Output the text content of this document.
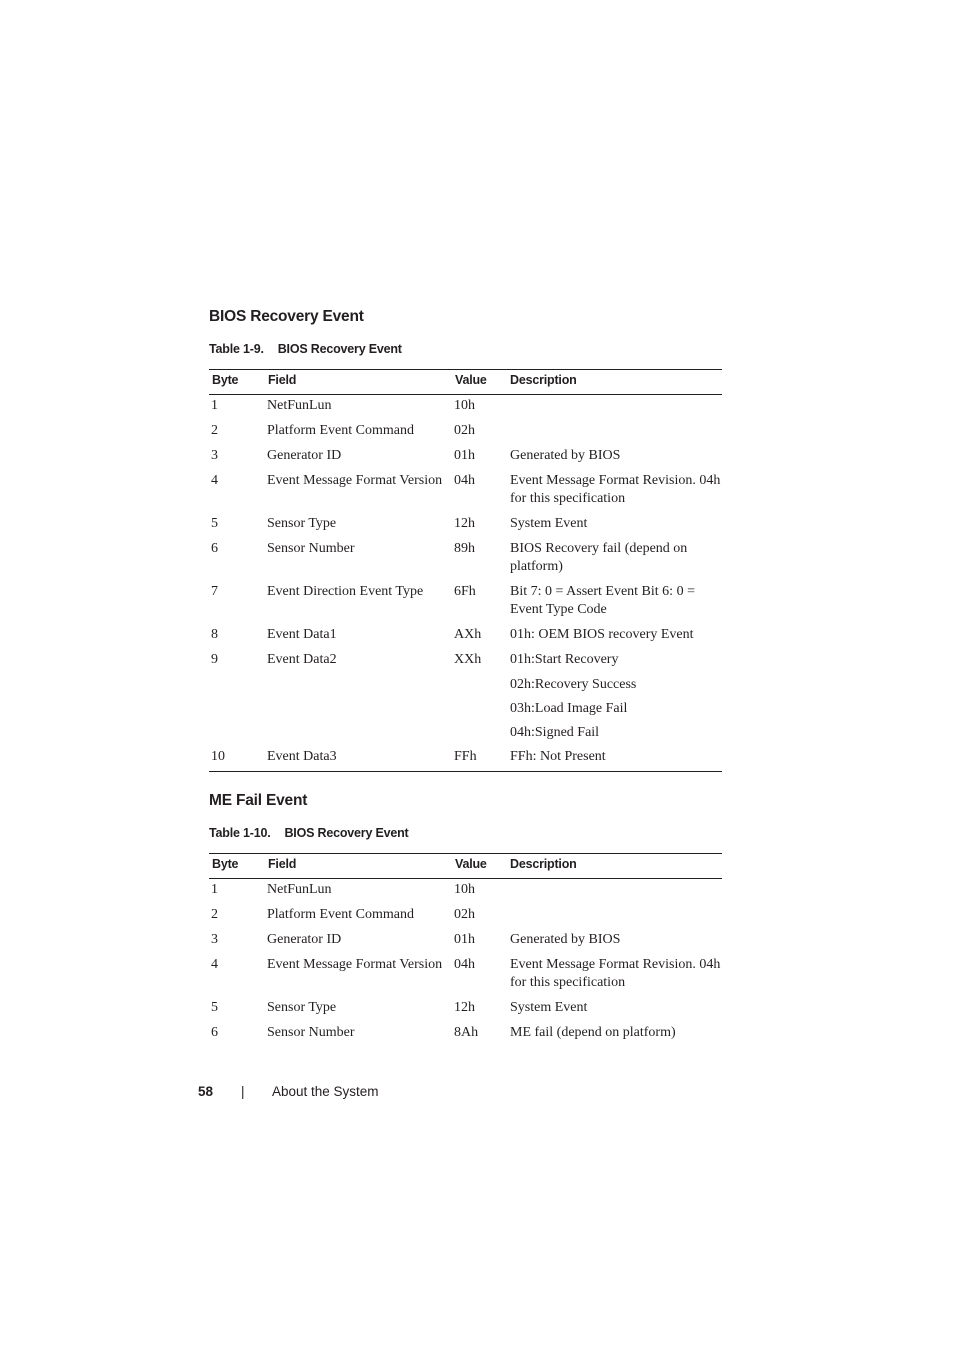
BIOS Recovery Event
Table 1-9. BIOS Recovery Event
Byte	Field	Value	Description
1	NetFunLun	10h	
2	Platform Event Command	02h	
3	Generator ID	01h	Generated by BIOS
4	Event Message Format Version	04h	Event Message Format Revision. 04h for this specification
5	Sensor Type	12h	System Event
6	Sensor Number	89h	BIOS Recovery fail (depend on platform)
7	Event Direction Event Type	6Fh	Bit 7: 0 = Assert Event Bit 6: 0 = Event Type Code
8	Event Data1	AXh	01h: OEM BIOS recovery Event
9	Event Data2	XXh	01h:Start Recovery
			02h:Recovery Success
			03h:Load Image Fail
			04h:Signed Fail
10	Event Data3	FFh	FFh: Not Present
ME Fail Event
Table 1-10. BIOS Recovery Event
Byte	Field	Value	Description
1	NetFunLun	10h	
2	Platform Event Command	02h	
3	Generator ID	01h	Generated by BIOS
4	Event Message Format Version	04h	Event Message Format Revision. 04h for this specification
5	Sensor Type	12h	System Event
6	Sensor Number	8Ah	ME fail (depend on platform)
58 | About the System
